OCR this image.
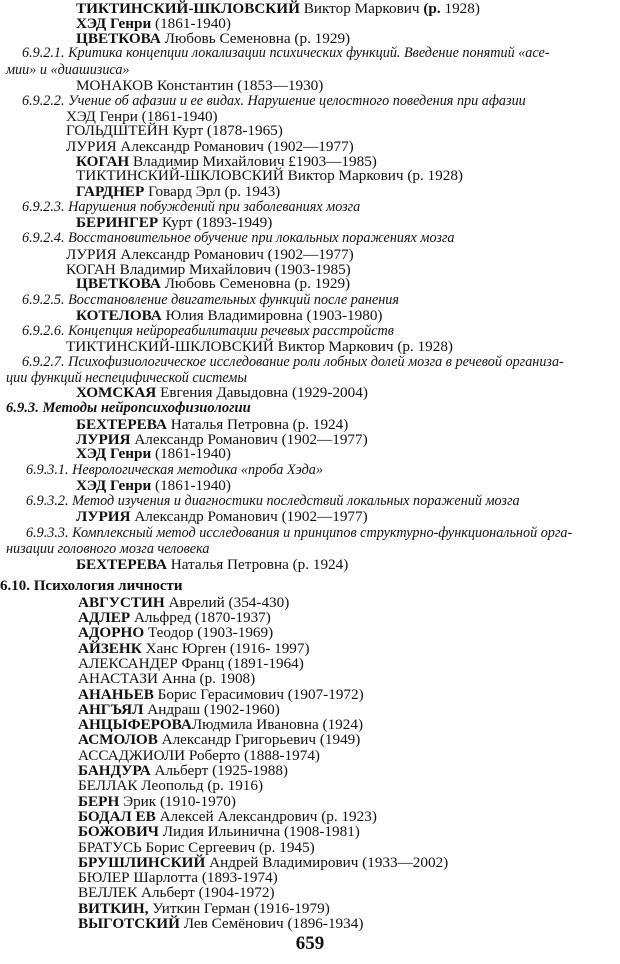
ТИКТИНСКИЙ-ШКЛОВСКИЙ Виктор Маркович (р. 1928)
ХЭД Генри (1861-1940)
ЦВЕТКОВА Любовь Семеновна (р. 1929)
6.9.2.1. Критика концепции локализации психических функций. Введение понятий «асе-
мии» и «диашизиса»
МОНАКОВ Константин (1853—1930)
6.9.2.2. Учение об афазии и ее видах. Нарушение целостного поведения при афазии
ХЭД Генри (1861-1940)
ГОЛЬДШТЕЙН Курт (1878-1965)
ЛУРИЯ Александр Романович (1902—1977)
КОГАН Владимир Михайлович £1903—1985)
ТИКТИНСКИЙ-ШКЛОВСКИЙ Виктор Маркович (р. 1928)
ГАРДНЕР Говард Эрл (р. 1943)
6.9.2.3. Нарушения побуждений при заболеваниях мозга
БЕРИНГЕР Курт (1893-1949)
6.9.2.4. Восстановительное обучение при локальных поражениях мозга
ЛУРИЯ Александр Романович (1902—1977)
КОГАН Владимир Михайлович (1903-1985)
ЦВЕТКОВА Любовь Семеновна (р. 1929)
6.9.2.5. Восстановление двигательных функций после ранения
КОТЕЛОВА Юлия Владимировна (1903-1980)
6.9.2.6. Концепция нейрореабилитации речевых расстройств
ТИКТИНСКИЙ-ШКЛОВСКИЙ Виктор Маркович (р. 1928)
6.9.2.7. Психофизиологическое исследование роли лобных долей мозга в речевой организа-
ции функций неспецифической системы
ХОМСКАЯ Евгения Давыдовна (1929-2004)
6.9.3. Методы нейропсихофизиологии
БЕХТЕРЕВА Наталья Петровна (р. 1924)
ЛУРИЯ Александр Романович (1902—1977)
ХЭД Генри (1861-1940)
6.9.3.1. Неврологическая методика «проба Хэда»
ХЭД Генри (1861-1940)
6.9.3.2. Метод изучения и диагностики последствий локальных поражений мозга
ЛУРИЯ Александр Романович (1902—1977)
6.9.3.3. Комплексный метод исследования и принципов структурно-функциональной орга-
низации головного мозга человека
БЕХТЕРЕВА Наталья Петровна (р. 1924)
6.10. Психология личности
АВГУСТИН Аврелий (354-430)
АДЛЕР Альфред (1870-1937)
АДОРНО Теодор (1903-1969)
АЙЗЕНК Ханс Юрген (1916- 1997)
АЛЕКСАНДЕР Франц (1891-1964)
АНАСТАЗИ Анна (р. 1908)
АНАНЬЕВ Борис Герасимович (1907-1972)
АНГЪЯЛ Андраш (1902-1960)
АНЦЫФЕРОВАЛюдмила Ивановна (1924)
АСМОЛОВ Александр Григорьевич (1949)
АССАДЖИОЛИ Роберто (1888-1974)
БАНДУРА Альберт (1925-1988)
БЕЛЛАК Леопольд (р. 1916)
БЕРН Эрик (1910-1970)
БОДАЛ ЕВ Алексей Александрович (р. 1923)
БОЖОВИЧ Лидия Ильинична (1908-1981)
БРАТУСЬ Борис Сергеевич (р. 1945)
БРУШЛИНСКИЙ Андрей Владимирович (1933—2002)
БЮЛЕР Шарлотта (1893-1974)
ВЕЛЛЕК Альберт (1904-1972)
ВИТКИН, Уиткин Герман (1916-1979)
ВЫГОТСКИЙ Лев Семёнович (1896-1934)
659
